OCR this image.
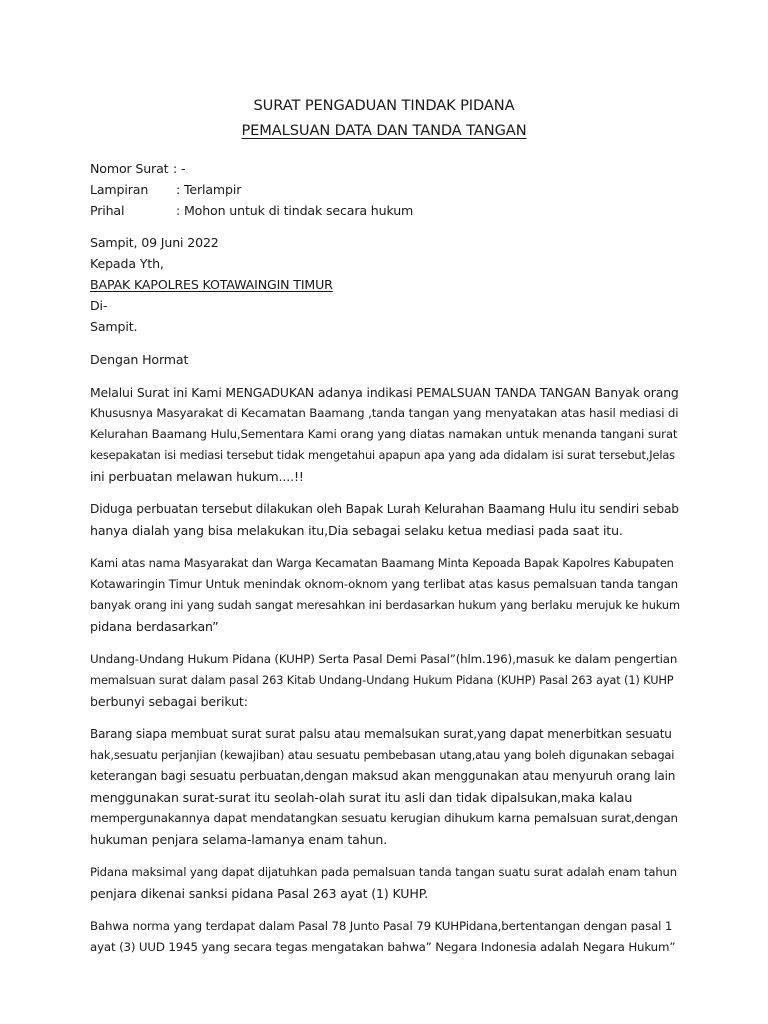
SURAT PENGADUAN TINDAK PIDANA
PEMALSUAN DATA DAN TANDA TANGAN
Nomor Surat : -
Lampiran	: Terlampir
Prihal	: Mohon untuk di tindak secara hukum
Sampit, 09 Juni 2022
Kepada Yth,
BAPAK KAPOLRES KOTAWAINGIN TIMUR
Di-
Sampit.
Dengan Hormat

Melalui Surat ini Kami MENGADUKAN adanya indikasi PEMALSUAN TANDA TANGAN Banyak orang
Khususnya Masyarakat di Kecamatan Baamang ,tanda tangan yang menyatakan atas hasil mediasi di
Kelurahan Baamang Hulu,Sementara Kami orang yang diatas namakan untuk menanda tangani surat
kesepakatan isi mediasi tersebut tidak mengetahui apapun apa yang ada didalam isi surat tersebut,Jelas
ini perbuatan melawan hukum....!!

Diduga perbuatan tersebut dilakukan oleh Bapak Lurah Kelurahan Baamang Hulu itu sendiri sebab
hanya dialah yang bisa melakukan itu,Dia sebagai selaku ketua mediasi pada saat itu.

Kami atas nama Masyarakat dan Warga Kecamatan Baamang Minta Kepoada Bapak Kapolres Kabupaten
Kotawaringin Timur Untuk menindak oknom-oknom yang terlibat atas kasus pemalsuan tanda tangan
banyak orang ini yang sudah sangat meresahkan ini berdasarkan hukum yang berlaku merujuk ke hukum
pidana berdasarkan”

Undang-Undang Hukum Pidana (KUHP) Serta Pasal Demi Pasal”(hlm.196),masuk ke dalam pengertian
memalsuan surat dalam pasal 263 Kitab Undang-Undang Hukum Pidana (KUHP) Pasal 263 ayat (1) KUHP
berbunyi sebagai berikut:

Barang siapa membuat surat surat palsu atau memalsukan surat,yang dapat menerbitkan sesuatu
hak,sesuatu perjanjian (kewajiban) atau sesuatu pembebasan utang,atau yang boleh digunakan sebagai
keterangan bagi sesuatu perbuatan,dengan maksud akan menggunakan atau menyuruh orang lain
menggunakan surat-surat itu seolah-olah surat itu asli dan tidak dipalsukan,maka kalau
mempergunakannya dapat mendatangkan sesuatu kerugian dihukum karna pemalsuan surat,dengan
hukuman penjara selama-lamanya enam tahun.

Pidana maksimal yang dapat dijatuhkan pada pemalsuan tanda tangan suatu surat adalah enam tahun
penjara dikenai sanksi pidana Pasal 263 ayat (1) KUHP.

Bahwa norma yang terdapat dalam Pasal 78 Junto Pasal 79 KUHPidana,bertentangan dengan pasal 1
ayat (3) UUD 1945 yang secara tegas mengatakan bahwa” Negara Indonesia adalah Negara Hukum”
